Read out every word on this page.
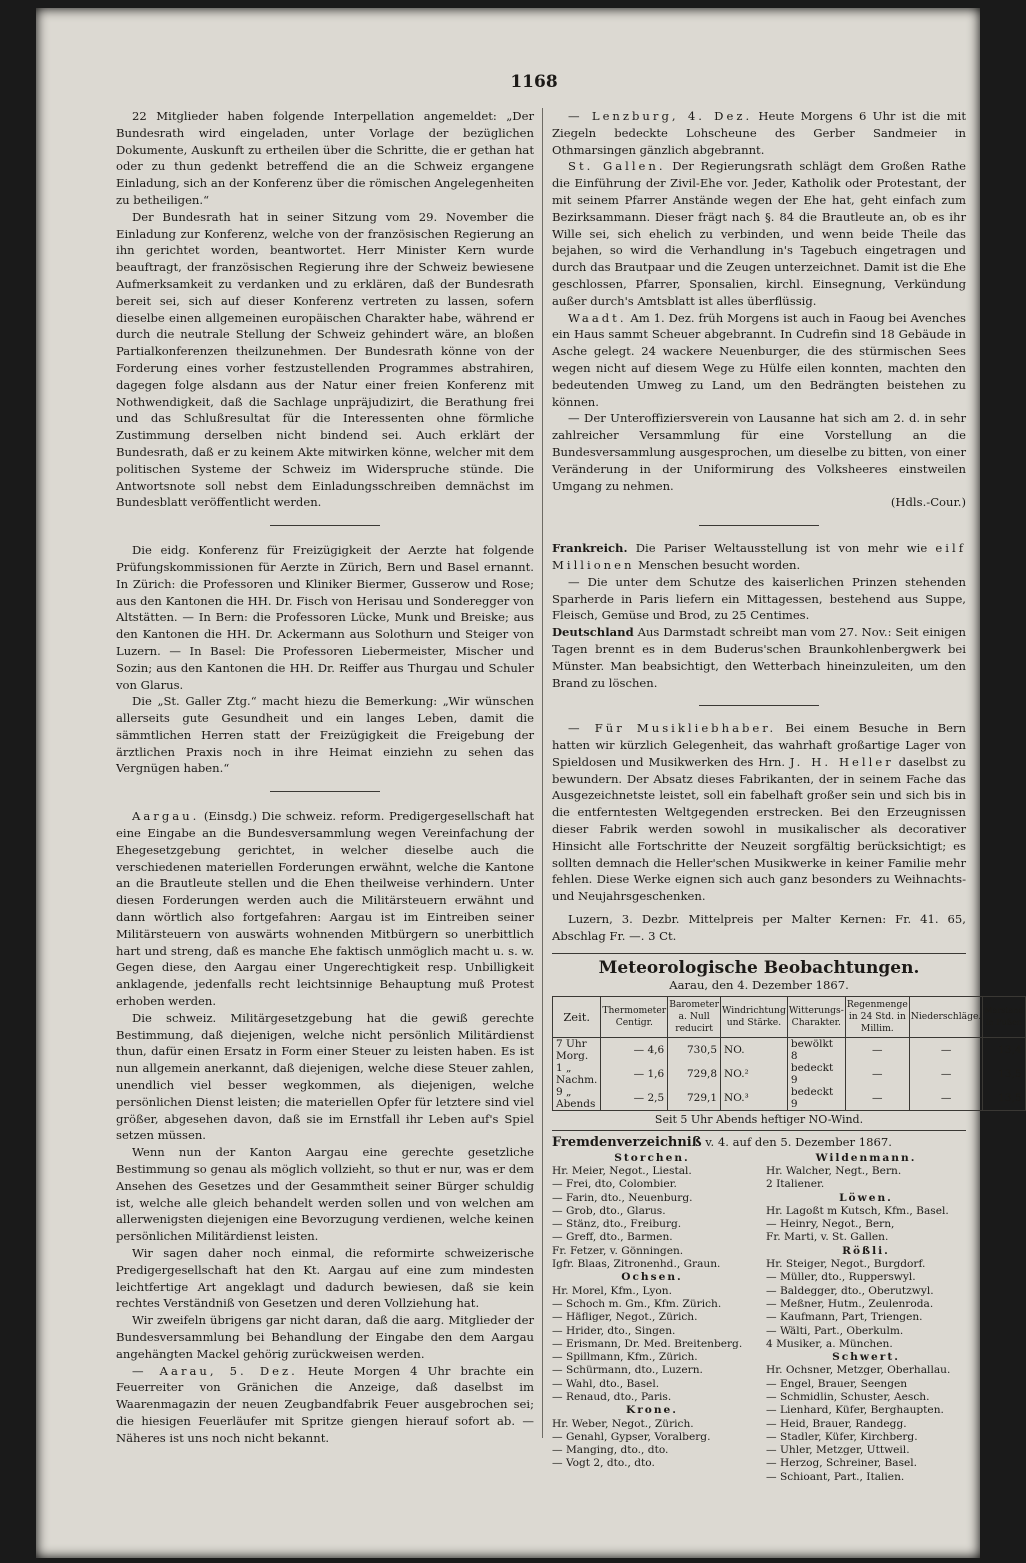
1168

22 Mitglieder haben folgende Interpellation angemeldet: „Der Bundesrath wird eingeladen, unter Vorlage der bezüglichen Dokumente, Auskunft zu ertheilen über die Schritte, die er gethan hat oder zu thun gedenkt betreffend die an die Schweiz ergangene Einladung, sich an der Konferenz über die römischen Angelegenheiten zu betheiligen.“

Der Bundesrath hat in seiner Sitzung vom 29. November die Einladung zur Konferenz, welche von der französischen Regierung an ihn gerichtet worden, beantwortet. Herr Minister Kern wurde beauftragt, der französischen Regierung ihre der Schweiz bewiesene Aufmerksamkeit zu verdanken und zu erklären, daß der Bundesrath bereit sei, sich auf dieser Konferenz vertreten zu lassen, sofern dieselbe einen allgemeinen europäischen Charakter habe, während er durch die neutrale Stellung der Schweiz gehindert wäre, an bloßen Partialkonferenzen theilzunehmen. Der Bundesrath könne von der Forderung eines vorher festzustellenden Programmes abstrahiren, dagegen folge alsdann aus der Natur einer freien Konferenz mit Nothwendigkeit, daß die Sachlage unpräjudizirt, die Berathung frei und das Schlußresultat für die Interessenten ohne förmliche Zustimmung derselben nicht bindend sei. Auch erklärt der Bundesrath, daß er zu keinem Akte mitwirken könne, welcher mit dem politischen Systeme der Schweiz im Widerspruche stünde. Die Antwortsnote soll nebst dem Einladungsschreiben demnächst im Bundesblatt veröffentlicht werden.

Die eidg. Konferenz für Freizügigkeit der Aerzte hat folgende Prüfungskommissionen für Aerzte in Zürich, Bern und Basel ernannt. In Zürich: die Professoren und Kliniker Biermer, Gusserow und Rose; aus den Kantonen die HH. Dr. Fisch von Herisau und Sonderegger von Altstätten. — In Bern: die Professoren Lücke, Munk und Breiske; aus den Kantonen die HH. Dr. Ackermann aus Solothurn und Steiger von Luzern. — In Basel: Die Professoren Liebermeister, Mischer und Sozin; aus den Kantonen die HH. Dr. Reiffer aus Thurgau und Schuler von Glarus.

Die „St. Galler Ztg.“ macht hiezu die Bemerkung: „Wir wünschen allerseits gute Gesundheit und ein langes Leben, damit die sämmtlichen Herren statt der Freizügigkeit die Freigebung der ärztlichen Praxis noch in ihre Heimat einziehn zu sehen das Vergnügen haben.“

Aargau. (Einsdg.) Die schweiz. reform. Predigergesellschaft hat eine Eingabe an die Bundesversammlung wegen Vereinfachung der Ehegesetzgebung gerichtet, in welcher dieselbe auch die verschiedenen materiellen Forderungen erwähnt, welche die Kantone an die Brautleute stellen und die Ehen theilweise verhindern. Unter diesen Forderungen werden auch die Militärsteuern erwähnt und dann wörtlich also fortgefahren: Aargau ist im Eintreiben seiner Militärsteuern von auswärts wohnenden Mitbürgern so unerbittlich hart und streng, daß es manche Ehe faktisch unmöglich macht u. s. w. Gegen diese, den Aargau einer Ungerechtigkeit resp. Unbilligkeit anklagende, jedenfalls recht leichtsinnige Behauptung muß Protest erhoben werden.

Die schweiz. Militärgesetzgebung hat die gewiß gerechte Bestimmung, daß diejenigen, welche nicht persönlich Militärdienst thun, dafür einen Ersatz in Form einer Steuer zu leisten haben. Es ist nun allgemein anerkannt, daß diejenigen, welche diese Steuer zahlen, unendlich viel besser wegkommen, als diejenigen, welche persönlichen Dienst leisten; die materiellen Opfer für letztere sind viel größer, abgesehen davon, daß sie im Ernstfall ihr Leben auf's Spiel setzen müssen.

Wenn nun der Kanton Aargau eine gerechte gesetzliche Bestimmung so genau als möglich vollzieht, so thut er nur, was er dem Ansehen des Gesetzes und der Gesammtheit seiner Bürger schuldig ist, welche alle gleich behandelt werden sollen und von welchen am allerwenigsten diejenigen eine Bevorzugung verdienen, welche keinen persönlichen Militärdienst leisten.

Wir sagen daher noch einmal, die reformirte schweizerische Predigergesellschaft hat den Kt. Aargau auf eine zum mindesten leichtfertige Art angeklagt und dadurch bewiesen, daß sie kein rechtes Verständniß von Gesetzen und deren Vollziehung hat.

Wir zweifeln übrigens gar nicht daran, daß die aarg. Mitglieder der Bundesversammlung bei Behandlung der Eingabe den dem Aargau angehängten Mackel gehörig zurückweisen werden.

— Aarau, 5. Dez. Heute Morgen 4 Uhr brachte ein Feuerreiter von Gränichen die Anzeige, daß daselbst im Waarenmagazin der neuen Zeugbandfabrik Feuer ausgebrochen sei; die hiesigen Feuerläufer mit Spritze giengen hierauf sofort ab. — Näheres ist uns noch nicht bekannt.

— Lenzburg, 4. Dez. Heute Morgens 6 Uhr ist die mit Ziegeln bedeckte Lohscheune des Gerber Sandmeier in Othmarsingen gänzlich abgebrannt.

St. Gallen. Der Regierungsrath schlägt dem Großen Rathe die Einführung der Zivil-Ehe vor. Jeder, Katholik oder Protestant, der mit seinem Pfarrer Anstände wegen der Ehe hat, geht einfach zum Bezirksammann. Dieser frägt nach §. 84 die Brautleute an, ob es ihr Wille sei, sich ehelich zu verbinden, und wenn beide Theile das bejahen, so wird die Verhandlung in's Tagebuch eingetragen und durch das Brautpaar und die Zeugen unterzeichnet. Damit ist die Ehe geschlossen, Pfarrer, Sponsalien, kirchl. Einsegnung, Verkündung außer durch's Amtsblatt ist alles überflüssig.

Waadt. Am 1. Dez. früh Morgens ist auch in Faoug bei Avenches ein Haus sammt Scheuer abgebrannt. In Cudrefin sind 18 Gebäude in Asche gelegt. 24 wackere Neuenburger, die des stürmischen Sees wegen nicht auf diesem Wege zu Hülfe eilen konnten, machten den bedeutenden Umweg zu Land, um den Bedrängten beistehen zu können.

— Der Unteroffiziersverein von Lausanne hat sich am 2. d. in sehr zahlreicher Versammlung für eine Vorstellung an die Bundesversammlung ausgesprochen, um dieselbe zu bitten, von einer Veränderung in der Uniformirung des Volksheeres einstweilen Umgang zu nehmen.

(Hdls.-Cour.)

Frankreich. Die Pariser Weltausstellung ist von mehr wie eilf Millionen Menschen besucht worden.

— Die unter dem Schutze des kaiserlichen Prinzen stehenden Sparherde in Paris liefern ein Mittagessen, bestehend aus Suppe, Fleisch, Gemüse und Brod, zu 25 Centimes.

Deutschland Aus Darmstadt schreibt man vom 27. Nov.: Seit einigen Tagen brennt es in dem Buderus'schen Braunkohlenbergwerk bei Münster. Man beabsichtigt, den Wetterbach hineinzuleiten, um den Brand zu löschen.

— Für Musikliebhaber. Bei einem Besuche in Bern hatten wir kürzlich Gelegenheit, das wahrhaft großartige Lager von Spieldosen und Musikwerken des Hrn. J. H. Heller daselbst zu bewundern. Der Absatz dieses Fabrikanten, der in seinem Fache das Ausgezeichnetste leistet, soll ein fabelhaft großer sein und sich bis in die entferntesten Weltgegenden erstrecken. Bei den Erzeugnissen dieser Fabrik werden sowohl in musikalischer als decorativer Hinsicht alle Fortschritte der Neuzeit sorgfältig berücksichtigt; es sollten demnach die Heller'schen Musikwerke in keiner Familie mehr fehlen. Diese Werke eignen sich auch ganz besonders zu Weihnachts- und Neujahrsgeschenken.

Luzern, 3. Dezbr. Mittelpreis per Malter Kernen: Fr. 41. 65, Abschlag Fr. —. 3 Ct.

Meteorologische Beobachtungen.
Aarau, den 4. Dezember 1867.
Zeit.	Thermometer Centigr.	Barometer a. Null reducirt	Windrichtung und Stärke.	Witterungs-Charakter.	Regenmenge in 24 Std. in Millim.	Niederschläge.	Marstand in Fußen
7 Uhr Morg.	— 4,6	730,5	NO.	bewölkt 8	—	—	13,4
1 „ Nachm.	— 1,6	729,8	NO.²	bedeckt 9	—	—	13,5
9 „ Abends	— 2,5	729,1	NO.³	bedeckt 9	—	—	13,5
Seit 5 Uhr Abends heftiger NO-Wind.
Fremdenverzeichniß v. 4. auf den 5. Dezember 1867.
Storchen.
Hr. Meier, Negot., Liestal.
— Frei, dto, Colombier.
— Farin, dto., Neuenburg.
— Grob, dto., Glarus.
— Stänz, dto., Freiburg.
— Greff, dto., Barmen.
Fr. Fetzer, v. Gönningen.
Igfr. Blaas, Zitronenhd., Graun.
Ochsen.
Hr. Morel, Kfm., Lyon.
— Schoch m. Gm., Kfm. Zürich.
— Häfliger, Negot., Zürich.
— Hrider, dto., Singen.
— Erismann, Dr. Med. Breitenberg.
— Spillmann, Kfm., Zürich.
— Schürmann, dto., Luzern.
— Wahl, dto., Basel.
— Renaud, dto., Paris.
Krone.
Hr. Weber, Negot., Zürich.
— Genahl, Gypser, Voralberg.
— Manging, dto., dto.
— Vogt 2, dto., dto.
Wildenmann.
Hr. Walcher, Negt., Bern.
2 Italiener.
Löwen.
Hr. Lagoßt m Kutsch, Kfm., Basel.
— Heinry, Negot., Bern,
Fr. Marti, v. St. Gallen.
Rößli.
Hr. Steiger, Negot., Burgdorf.
— Müller, dto., Rupperswyl.
— Baldegger, dto., Oberutzwyl.
— Meßner, Hutm., Zeulenroda.
— Kaufmann, Part, Triengen.
— Wälti, Part., Oberkulm.
4 Musiker, a. München.
Schwert.
Hr. Ochsner, Metzger, Oberhallau.
— Engel, Brauer, Seengen
— Schmidlin, Schuster, Aesch.
— Lienhard, Küfer, Berghaupten.
— Heid, Brauer, Randegg.
— Stadler, Küfer, Kirchberg.
— Uhler, Metzger, Uttweil.
— Herzog, Schreiner, Basel.
— Schioant, Part., Italien.
